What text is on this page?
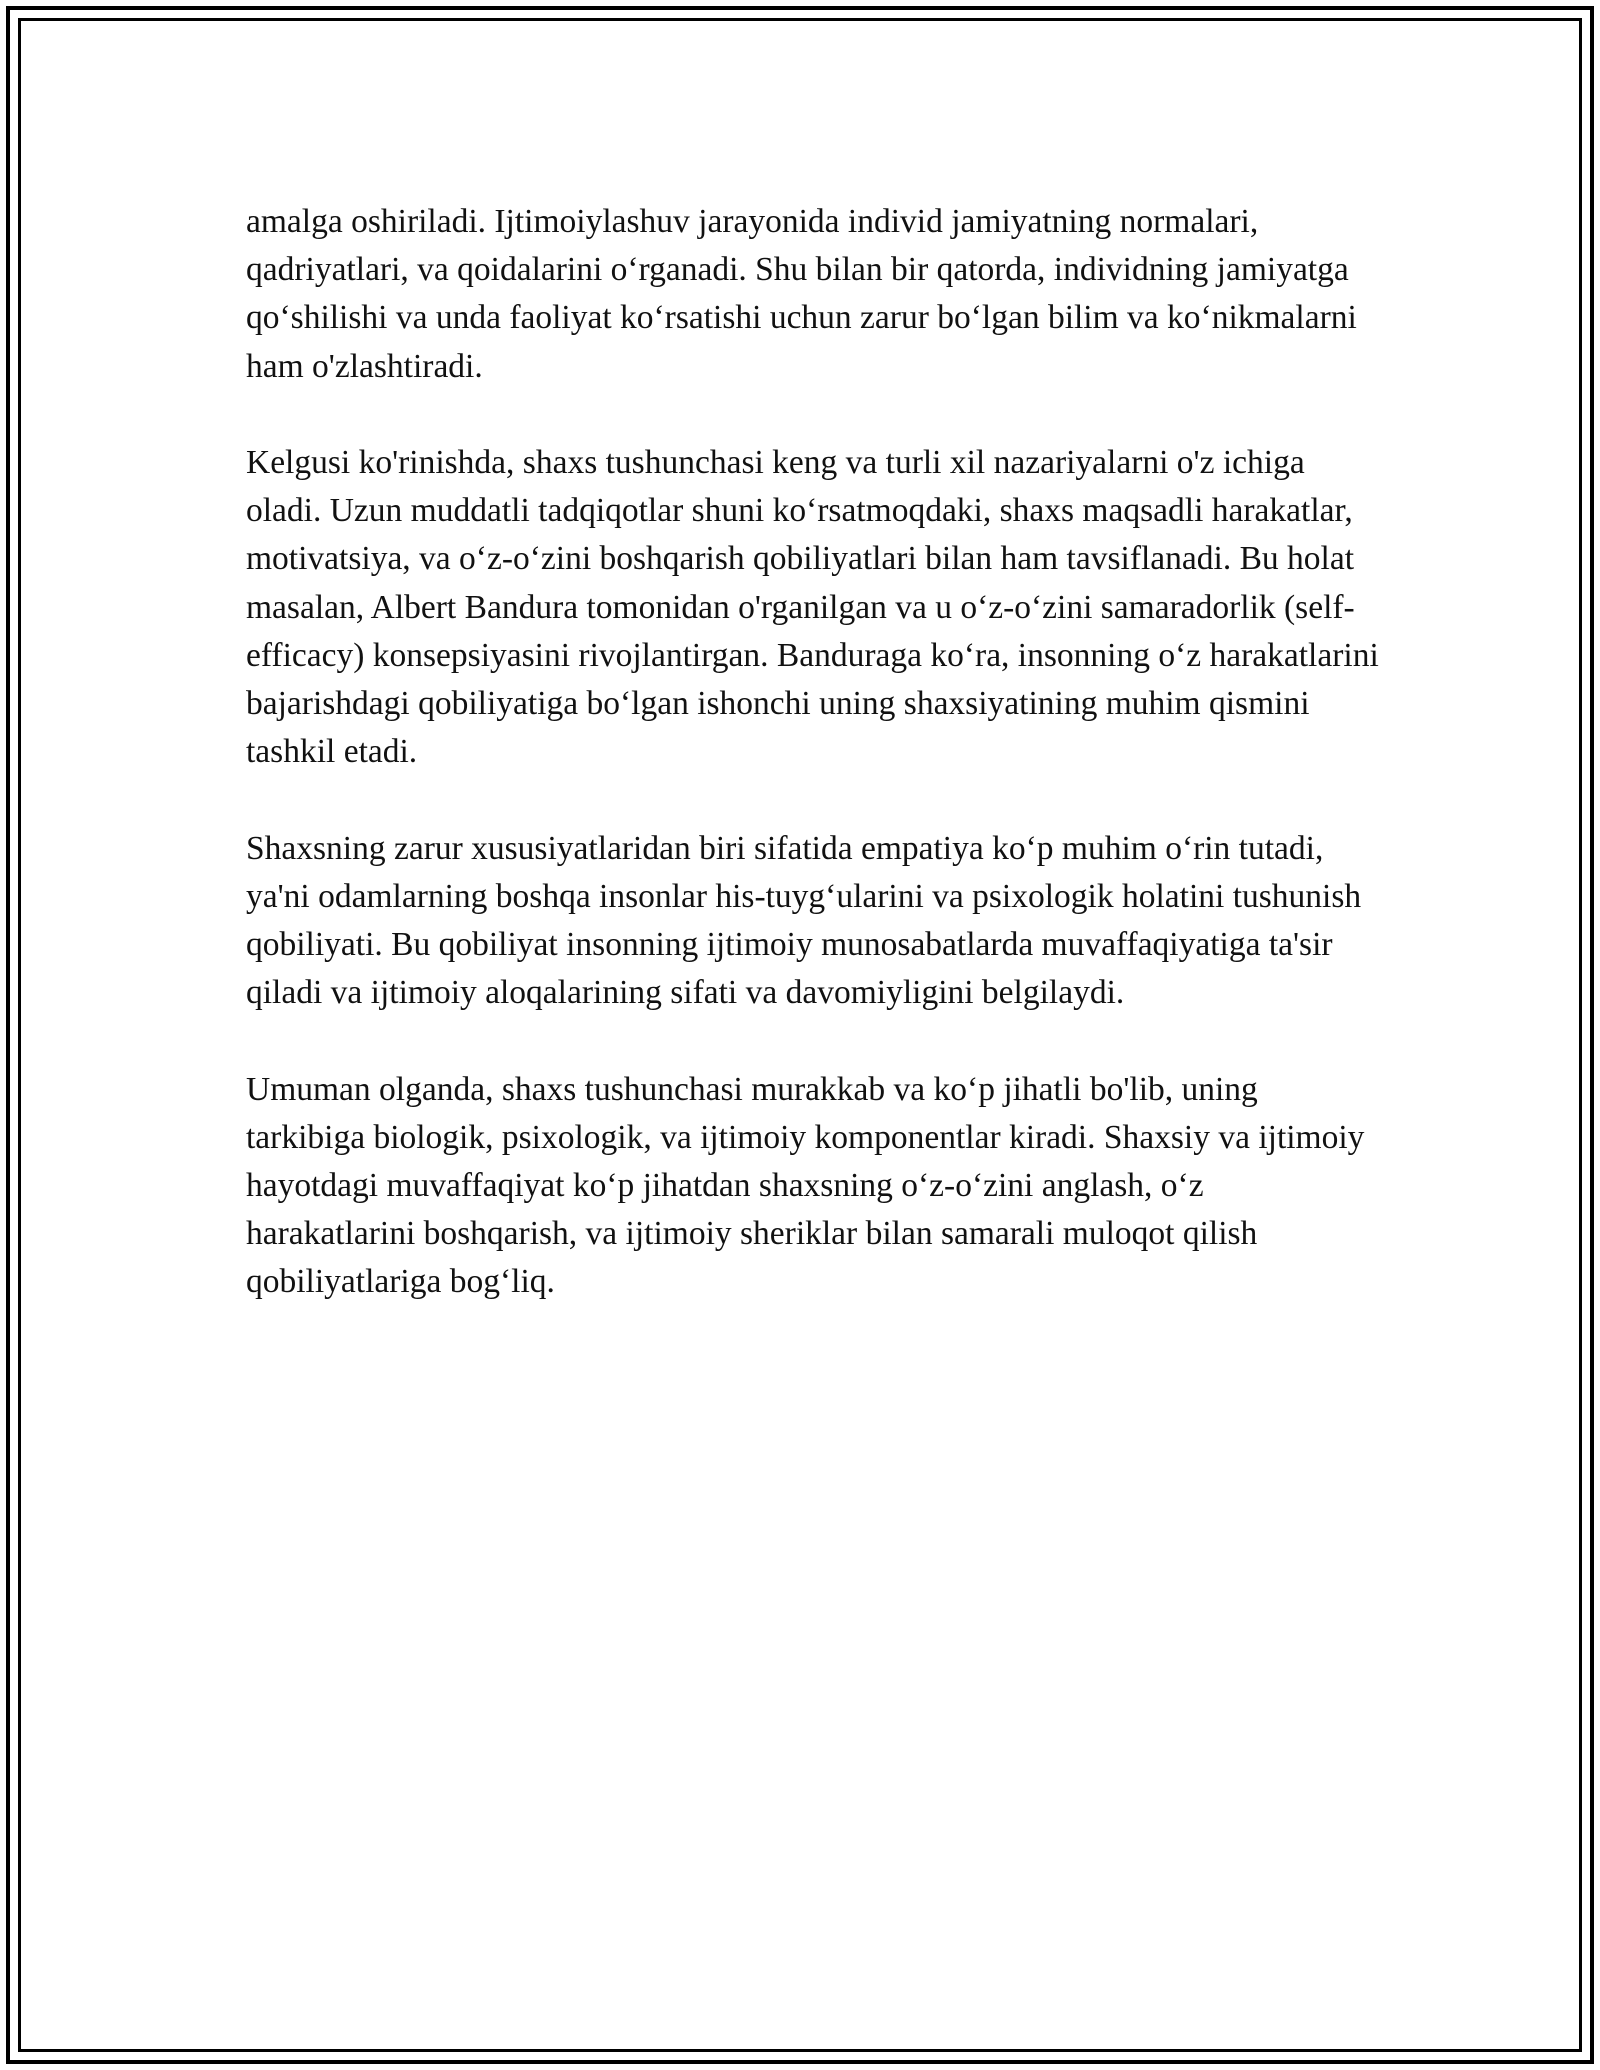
amalga oshiriladi. Ijtimoiylashuv jarayonida individ jamiyatning normalari, qadriyatlari, va qoidalarini o‘rganadi. Shu bilan bir qatorda, individning jamiyatga qo‘shilishi va unda faoliyat ko‘rsatishi uchun zarur bo‘lgan bilim va ko‘nikmalarni ham o'zlashtiradi.

Kelgusi ko'rinishda, shaxs tushunchasi keng va turli xil nazariyalarni o'z ichiga oladi. Uzun muddatli tadqiqotlar shuni ko‘rsatmoqdaki, shaxs maqsadli harakatlar, motivatsiya, va o‘z-o‘zini boshqarish qobiliyatlari bilan ham tavsiflanadi. Bu holat masalan, Albert Bandura tomonidan o'rganilgan va u o‘z-o‘zini samaradorlik (self-efficacy) konsepsiyasini rivojlantirgan. Banduraga ko‘ra, insonning o‘z harakatlarini bajarishdagi qobiliyatiga bo‘lgan ishonchi uning shaxsiyatining muhim qismini tashkil etadi.

Shaxsning zarur xususiyatlaridan biri sifatida empatiya ko‘p muhim o‘rin tutadi, ya'ni odamlarning boshqa insonlar his-tuyg‘ularini va psixologik holatini tushunish qobiliyati. Bu qobiliyat insonning ijtimoiy munosabatlarda muvaffaqiyatiga ta'sir qiladi va ijtimoiy aloqalarining sifati va davomiyligini belgilaydi.

Umuman olganda, shaxs tushunchasi murakkab va ko‘p jihatli bo'lib, uning tarkibiga biologik, psixologik, va ijtimoiy komponentlar kiradi. Shaxsiy va ijtimoiy hayotdagi muvaffaqiyat ko‘p jihatdan shaxsning o‘z-o‘zini anglash, o‘z harakatlarini boshqarish, va ijtimoiy sheriklar bilan samarali muloqot qilish qobiliyatlariga bog‘liq.
